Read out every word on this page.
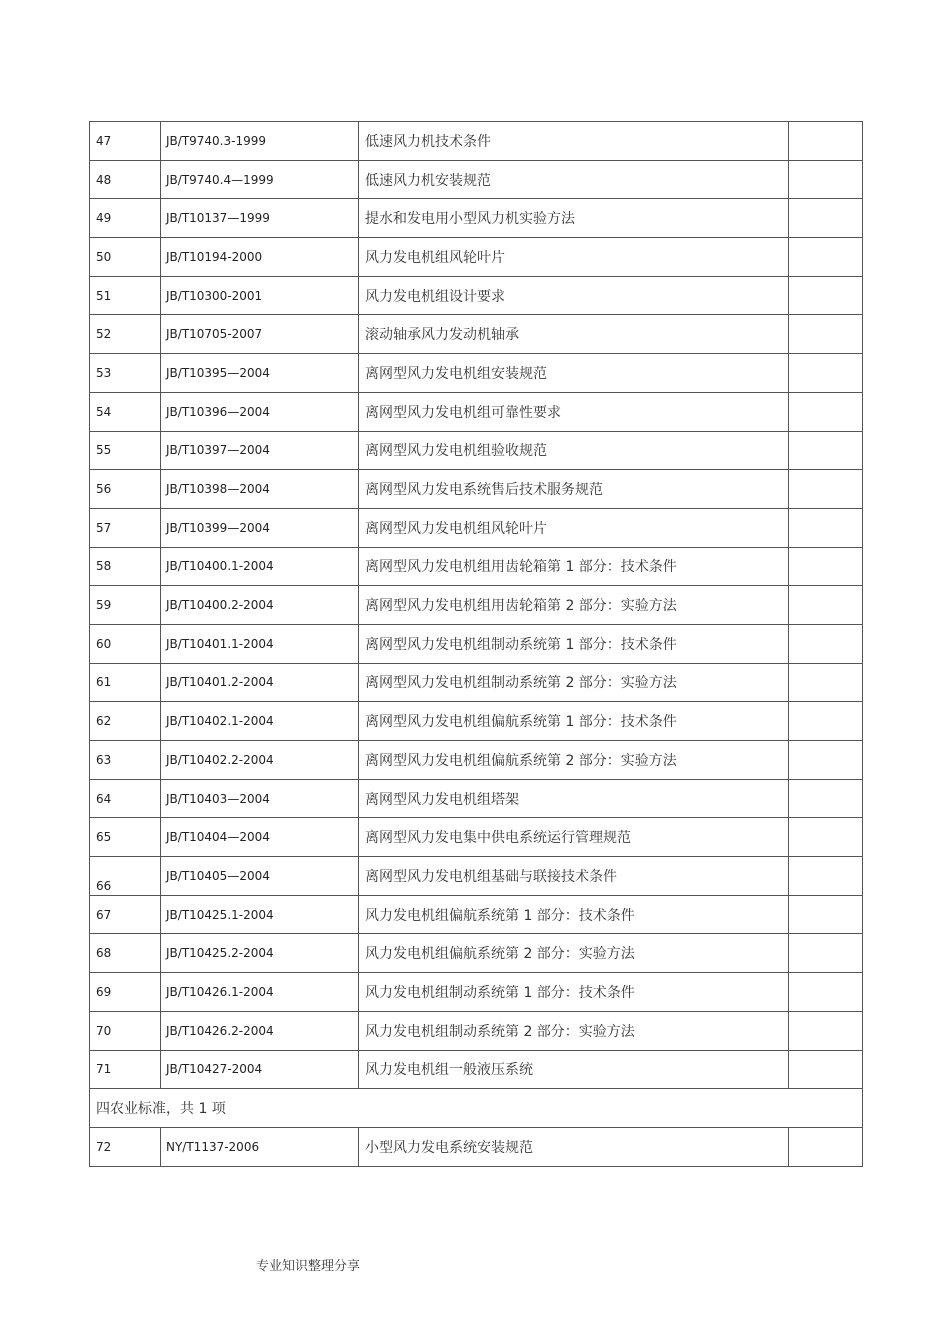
47	JB/T9740.3-1999	低速风力机技术条件	
48	JB/T9740.4—1999	低速风力机安装规范	
49	JB/T10137—1999	提水和发电用小型风力机实验方法	
50	JB/T10194-2000	风力发电机组风轮叶片	
51	JB/T10300-2001	风力发电机组设计要求	
52	JB/T10705-2007	滚动轴承风力发动机轴承	
53	JB/T10395—2004	离网型风力发电机组安装规范	
54	JB/T10396—2004	离网型风力发电机组可靠性要求	
55	JB/T10397—2004	离网型风力发电机组验收规范	
56	JB/T10398—2004	离网型风力发电系统售后技术服务规范	
57	JB/T10399—2004	离网型风力发电机组风轮叶片	
58	JB/T10400.1-2004	离网型风力发电机组用齿轮箱第 1 部分：技术条件	
59	JB/T10400.2-2004	离网型风力发电机组用齿轮箱第 2 部分：实验方法	
60	JB/T10401.1-2004	离网型风力发电机组制动系统第 1 部分：技术条件	
61	JB/T10401.2-2004	离网型风力发电机组制动系统第 2 部分：实验方法	
62	JB/T10402.1-2004	离网型风力发电机组偏航系统第 1 部分：技术条件	
63	JB/T10402.2-2004	离网型风力发电机组偏航系统第 2 部分：实验方法	
64	JB/T10403—2004	离网型风力发电机组塔架	
65	JB/T10404—2004	离网型风力发电集中供电系统运行管理规范	
66	JB/T10405—2004	离网型风力发电机组基础与联接技术条件	
67	JB/T10425.1-2004	风力发电机组偏航系统第 1 部分：技术条件	
68	JB/T10425.2-2004	风力发电机组偏航系统第 2 部分：实验方法	
69	JB/T10426.1-2004	风力发电机组制动系统第 1 部分：技术条件	
70	JB/T10426.2-2004	风力发电机组制动系统第 2 部分：实验方法	
71	JB/T10427-2004	风力发电机组一般液压系统	
四农业标准，共 1 项			
72	NY/T1137-2006	小型风力发电系统安装规范	
专业知识整理分享
